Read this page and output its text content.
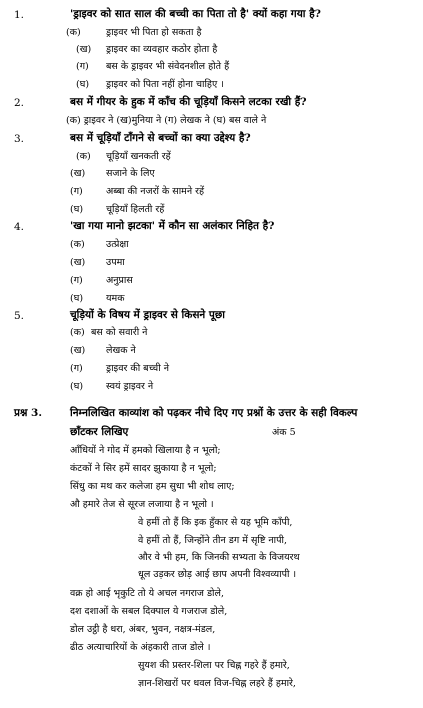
1.	'ड्राइवर को सात साल की बच्ची का पिता तो है' क्यों कहा गया है?
(क)	ड्राइवर भी पिता हो सकता है
(ख) ड्राइवर का व्यवहार कठोर होता है
(ग) बस के ड्राइवर भी संवेदनशील होते हैं
(घ) ड्राइवर को पिता नहीं होना चाहिए ।
2.	बस में गीयर के हुक में काँच की चूड़ियाँ किसने लटका रखी हैं?
(क) ड्राइवर ने (ख)मुनिया ने (ग) लेखक ने (घ) बस वाले ने
3.	बस में चूड़ियाँ टाँगने से बच्चों का क्या उद्देश्य है?
(क) चूड़ियाँ खनकती रहें
(ख) सजाने के लिए
(ग) अब्बा की नजरों के सामने रहें
(घ) चूड़ियाँ हिलती रहें
4.	'खा गया मानो झटका' में कौन सा अलंकार निहित है?
(क) उत्प्रेक्षा
(ख) उपमा
(ग) अनुप्रास
(घ) यमक
5.	चूड़ियों के विषय में ड्राइवर से किसने पूछा
(क) बस को सवारी ने
(ख) लेखक ने
(ग) ड्राइवर की बच्ची ने
(घ) स्वयं ड्राइवर ने
प्रश्न 3.	निम्नलिखित काव्यांश को पढ़कर नीचे दिए गए प्रश्नों के उत्तर के सही विकल्प
छाँटकर लिखिए	अंक 5
आँधियों ने गोद में हमको खिलाया है न भूलो;
कंटकों ने सिर हमें सादर झुकाया है न भूलो;
सिंधु का मथ कर कलेजा हम सुधा भी शोध लाए;
औ हमारे तेज से सूरज लजाया है न भूलो ।
वे हमीं तो हैं कि इक हुँकार से यह भूमि काँपी,
वे हमीं तो हैं, जिन्होंने तीन डग में सृष्टि नापी,
और वे भी हम, कि जिनकी सभ्यता के विजयरथ
धूल उड़कर छोड़ आई छाप अपनी विश्वव्यापी ।
वक्र हो आई भृकुटि तो ये अचल नगराज डोले,
दश दशाओं के सबल दिक्पाल ये गजराज डोले,
डोल उट्ठी है धरा, अंबर, भुवन, नक्षत्र-मंडल,
ढीठ अत्याचारियों के अंहकारी ताज डोले ।
सुयश की प्रस्तर-शिला पर चिह्न गहरे हैं हमारे,
ज्ञान-शिखरों पर धवल विज-चिह्न लहरे हैं हमारे,
